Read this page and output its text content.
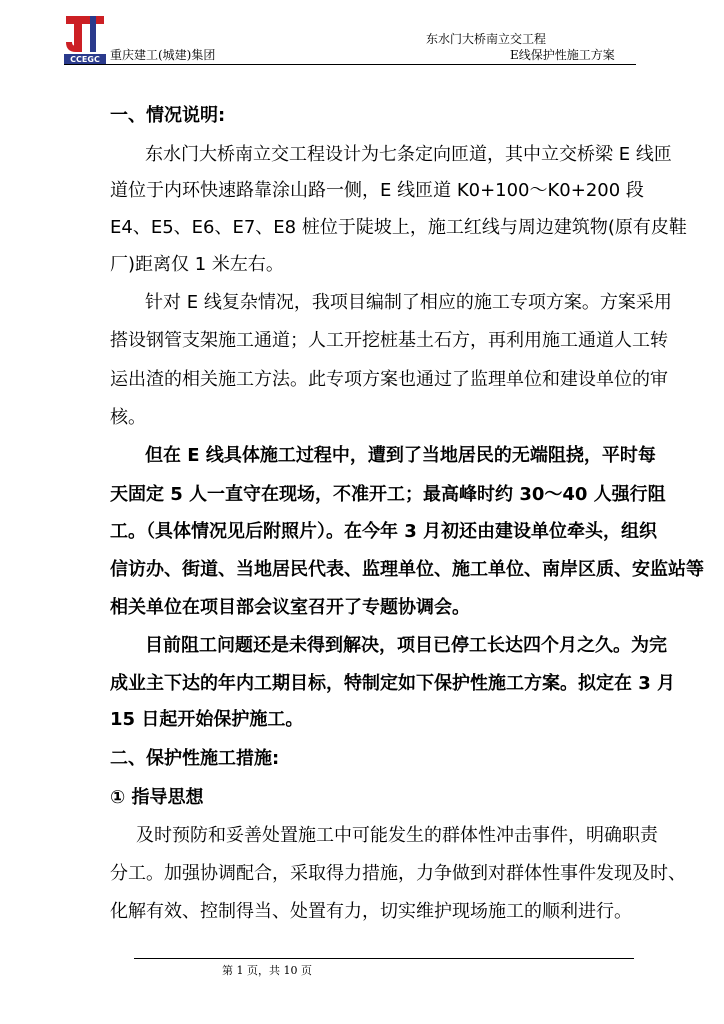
CCEGC 重庆建工(城建)集团
东水门大桥南立交工程
E线保护性施工方案
一、情况说明:
东水门大桥南立交工程设计为七条定向匝道，其中立交桥梁 E 线匝
道位于内环快速路靠涂山路一侧，E 线匝道 K0+100～K0+200 段
E4、E5、E6、E7、E8 桩位于陡坡上，施工红线与周边建筑物(原有皮鞋
厂)距离仅 1 米左右。
针对 E 线复杂情况，我项目编制了相应的施工专项方案。方案采用
搭设钢管支架施工通道；人工开挖桩基土石方，再利用施工通道人工转
运出渣的相关施工方法。此专项方案也通过了监理单位和建设单位的审
核。
但在 E 线具体施工过程中，遭到了当地居民的无端阻挠，平时每
天固定 5 人一直守在现场，不准开工；最高峰时约 30～40 人强行阻
工。（具体情况见后附照片）。在今年 3 月初还由建设单位牵头，组织
信访办、街道、当地居民代表、监理单位、施工单位、南岸区质、安监站等
相关单位在项目部会议室召开了专题协调会。
目前阻工问题还是未得到解决，项目已停工长达四个月之久。为完
成业主下达的年内工期目标，特制定如下保护性施工方案。拟定在 3 月
15 日起开始保护施工。
二、保护性施工措施:
① 指导思想
及时预防和妥善处置施工中可能发生的群体性冲击事件，明确职责
分工。加强协调配合，采取得力措施，力争做到对群体性事件发现及时、
化解有效、控制得当、处置有力，切实维护现场施工的顺利进行。
第 1 页，共 10 页
